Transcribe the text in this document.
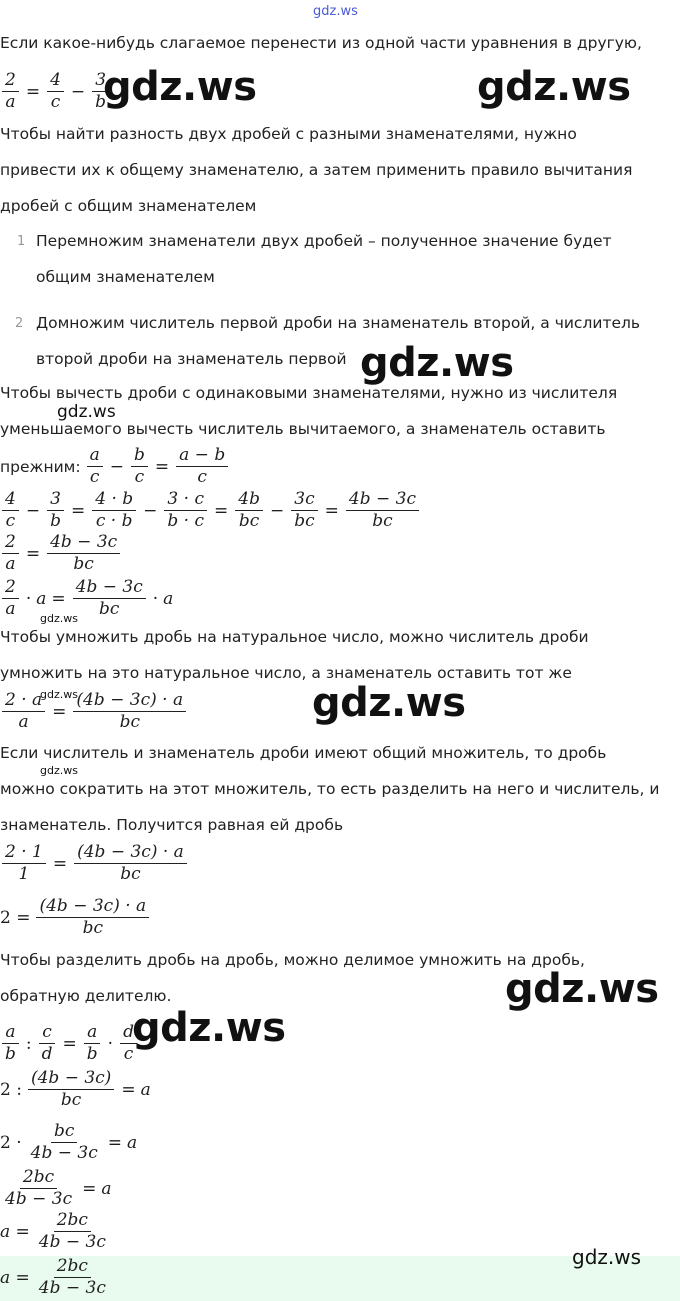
gdz.ws
Если какое-нибудь слагаемое перенести из одной части уравнения в другую,
$\frac{2}{a} = \frac{4}{c} - \frac{3}{b}$
gdz.ws	gdz.ws
Чтобы найти разность двух дробей с разными знаменателями, нужно
привести их к общему знаменателю, а затем применить правило вычитания
дробей с общим знаменателем
1 Перемножим знаменатели двух дробей – полученное значение будет
общим знаменателем
2 Домножим числитель первой дроби на знаменатель второй, а числитель
второй дроби на знаменатель первой gdz.ws
Чтобы вычесть дроби с одинаковыми знаменателями, нужно из числителя
gdz.ws
уменьшаемого вычесть числитель вычитаемого, а знаменатель оставить
прежним: $\frac{a}{c} - \frac{b}{c} = \frac{a - b}{c}$
$\frac{4}{c} - \frac{3}{b} = \frac{4 \cdot b}{c \cdot b} - \frac{3 \cdot c}{b \cdot c} = \frac{4b}{bc} - \frac{3c}{bc} = \frac{4b - 3c}{bc}$
$\frac{2}{a} = \frac{4b - 3c}{bc}$
$\frac{2}{a} \cdot a = \frac{4b - 3c}{bc} \cdot a$
gdz.ws
Чтобы умножить дробь на натуральное число, можно числитель дроби
умножить на это натуральное число, а знаменатель оставить тот же
$\frac{2 \cdot a}{a} = \frac{(4b - 3c) \cdot a}{bc}$
gdz.ws	gdz.ws
Если числитель и знаменатель дроби имеют общий множитель, то дробь
gdz.ws
можно сократить на этот множитель, то есть разделить на него и числитель, и
знаменатель. Получится равная ей дробь
$\frac{2 \cdot 1}{1} = \frac{(4b - 3c) \cdot a}{bc}$
$2 = \frac{(4b - 3c) \cdot a}{bc}$
Чтобы разделить дробь на дробь, можно делимое умножить на дробь,
обратную делителю.	gdz.ws
$\frac{a}{b}$ : $\frac{c}{d} = \frac{a}{b} \cdot \frac{d}{c}$
gdz.ws
2 : $\frac{(4b - 3c)}{bc} = a$
$2 \cdot \frac{bc}{4b - 3c} = a$
$\frac{2bc}{4b - 3c} = a$
$a = \frac{2bc}{4b - 3c}$
$a = \frac{2bc}{4b - 3c}$	gdz.ws
